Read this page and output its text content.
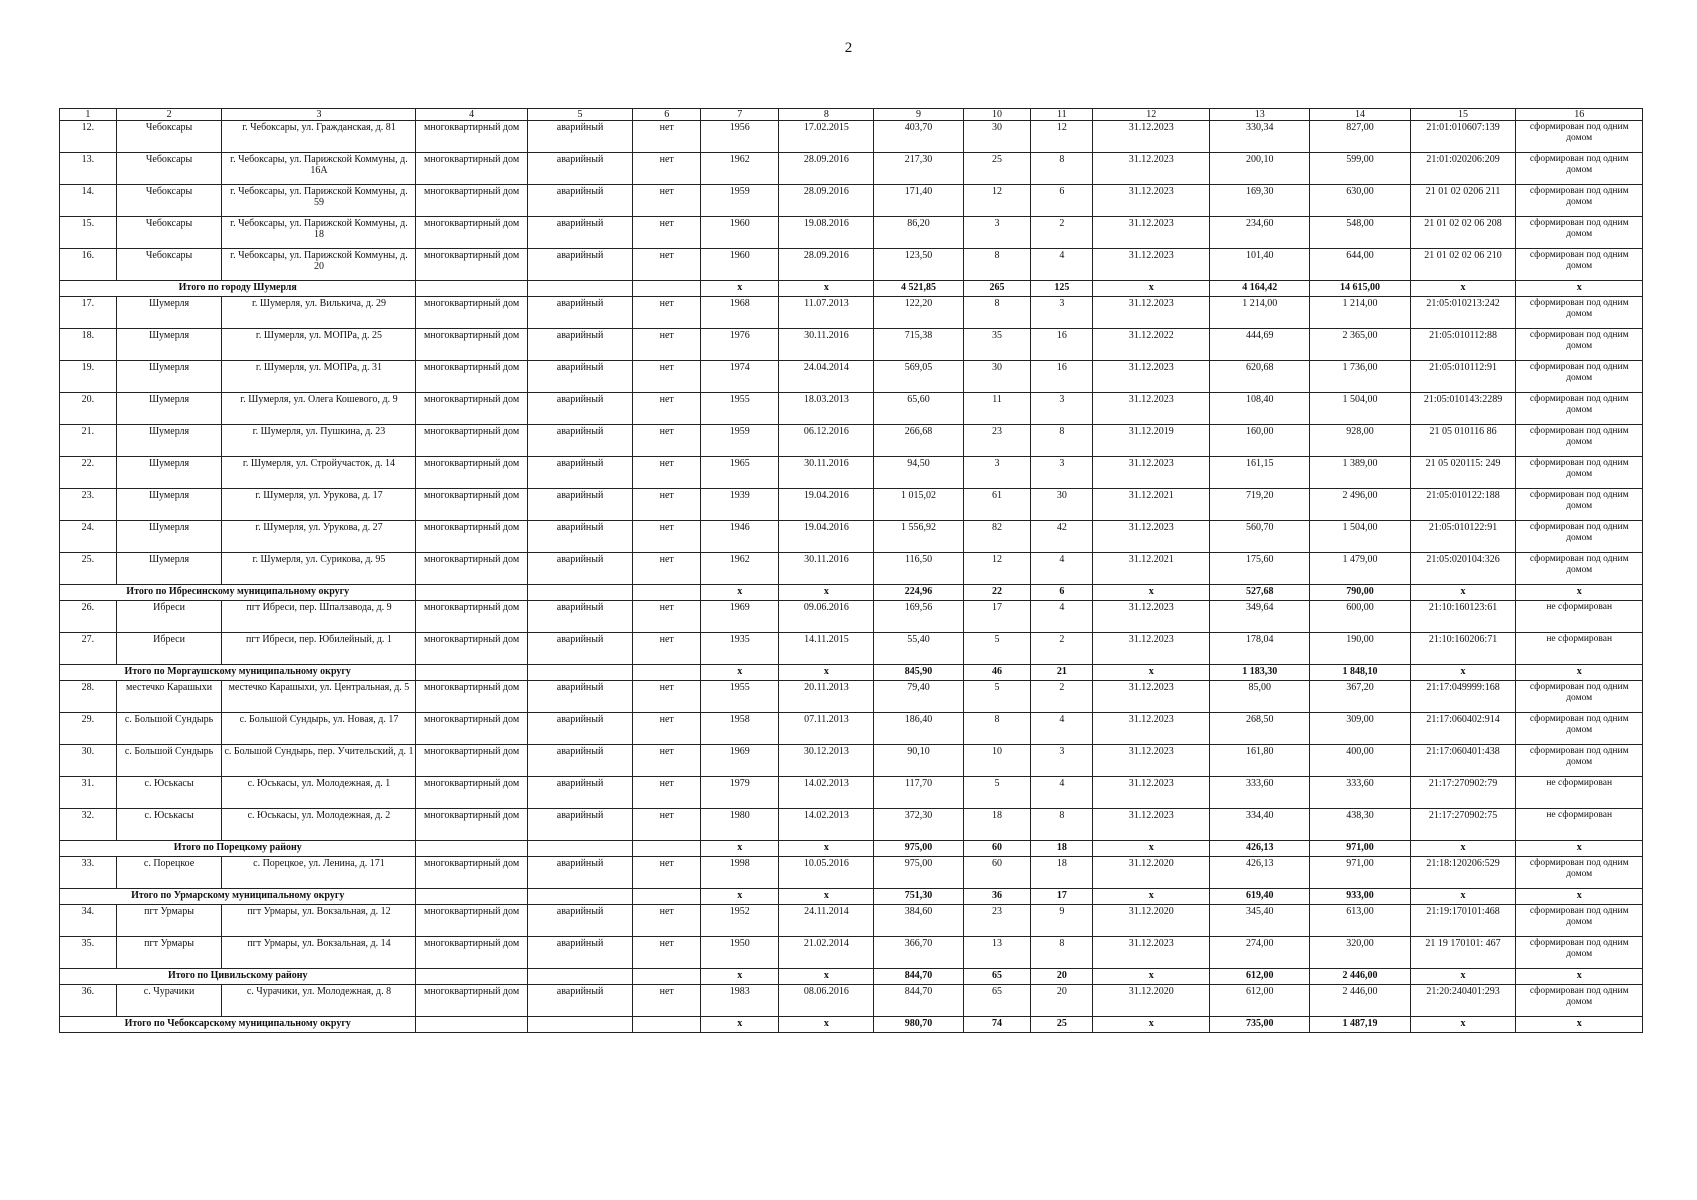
2
1	2	3	4	5	6	7	8	9	10	11	12	13	14	15	16
12.	Чебоксары	г. Чебоксары, ул. Гражданская, д. 81	многоквартирный дом	аварийный	нет	1956	17.02.2015	403,70	30	12	31.12.2023	330,34	827,00	21:01:010607:139	сформирован под одним домом
13.	Чебоксары	г. Чебоксары, ул. Парижской Коммуны, д. 16А	многоквартирный дом	аварийный	нет	1962	28.09.2016	217,30	25	8	31.12.2023	200,10	599,00	21:01:020206:209	сформирован под одним домом
14.	Чебоксары	г. Чебоксары, ул. Парижской Коммуны, д. 59	многоквартирный дом	аварийный	нет	1959	28.09.2016	171,40	12	6	31.12.2023	169,30	630,00	21 01 02 0206 211	сформирован под одним домом
15.	Чебоксары	г. Чебоксары, ул. Парижской Коммуны, д. 18	многоквартирный дом	аварийный	нет	1960	19.08.2016	86,20	3	2	31.12.2023	234,60	548,00	21 01 02 02 06 208	сформирован под одним домом
16.	Чебоксары	г. Чебоксары, ул. Парижской Коммуны, д. 20	многоквартирный дом	аварийный	нет	1960	28.09.2016	123,50	8	4	31.12.2023	101,40	644,00	21 01 02 02 06 210	сформирован под одним домом
Итого по городу Шумерля						x	x	4 521,85	265	125	x	4 164,42	14 615,00	x	x
17.	Шумерля	г. Шумерля, ул. Вилькича, д. 29	многоквартирный дом	аварийный	нет	1968	11.07.2013	122,20	8	3	31.12.2023	1 214,00	1 214,00	21:05:010213:242	сформирован под одним домом
18.	Шумерля	г. Шумерля, ул. МОПРа, д. 25	многоквартирный дом	аварийный	нет	1976	30.11.2016	715,38	35	16	31.12.2022	444,69	2 365,00	21:05:010112:88	сформирован под одним домом
19.	Шумерля	г. Шумерля, ул. МОПРа, д. 31	многоквартирный дом	аварийный	нет	1974	24.04.2014	569,05	30	16	31.12.2023	620,68	1 736,00	21:05:010112:91	сформирован под одним домом
20.	Шумерля	г. Шумерля, ул. Олега Кошевого, д. 9	многоквартирный дом	аварийный	нет	1955	18.03.2013	65,60	11	3	31.12.2023	108,40	1 504,00	21:05:010143:2289	сформирован под одним домом
21.	Шумерля	г. Шумерля, ул. Пушкина, д. 23	многоквартирный дом	аварийный	нет	1959	06.12.2016	266,68	23	8	31.12.2019	160,00	928,00	21 05 010116 86	сформирован под одним домом
22.	Шумерля	г. Шумерля, ул. Стройучасток, д. 14	многоквартирный дом	аварийный	нет	1965	30.11.2016	94,50	3	3	31.12.2023	161,15	1 389,00	21 05 020115: 249	сформирован под одним домом
23.	Шумерля	г. Шумерля, ул. Урукова, д. 17	многоквартирный дом	аварийный	нет	1939	19.04.2016	1 015,02	61	30	31.12.2021	719,20	2 496,00	21:05:010122:188	сформирован под одним домом
24.	Шумерля	г. Шумерля, ул. Урукова, д. 27	многоквартирный дом	аварийный	нет	1946	19.04.2016	1 556,92	82	42	31.12.2023	560,70	1 504,00	21:05:010122:91	сформирован под одним домом
25.	Шумерля	г. Шумерля, ул. Сурикова, д. 95	многоквартирный дом	аварийный	нет	1962	30.11.2016	116,50	12	4	31.12.2021	175,60	1 479,00	21:05:020104:326	сформирован под одним домом
Итого по Ибресинскому муниципальному округу						x	x	224,96	22	6	x	527,68	790,00	x	x
26.	Ибреси	пгт Ибреси, пер. Шпалзавода, д. 9	многоквартирный дом	аварийный	нет	1969	09.06.2016	169,56	17	4	31.12.2023	349,64	600,00	21:10:160123:61	не сформирован
27.	Ибреси	пгт Ибреси, пер. Юбилейный, д. 1	многоквартирный дом	аварийный	нет	1935	14.11.2015	55,40	5	2	31.12.2023	178,04	190,00	21:10:160206:71	не сформирован
Итого по Моргаушскому муниципальному округу						x	x	845,90	46	21	x	1 183,30	1 848,10	x	x
28.	местечко Карашыхи	местечко Карашыхи, ул. Центральная, д. 5	многоквартирный дом	аварийный	нет	1955	20.11.2013	79,40	5	2	31.12.2023	85,00	367,20	21:17:049999:168	сформирован под одним домом
29.	с. Большой Сундырь	с. Большой Сундырь, ул. Новая, д. 17	многоквартирный дом	аварийный	нет	1958	07.11.2013	186,40	8	4	31.12.2023	268,50	309,00	21:17:060402:914	сформирован под одним домом
30.	с. Большой Сундырь	с. Большой Сундырь, пер. Учительский, д. 1	многоквартирный дом	аварийный	нет	1969	30.12.2013	90,10	10	3	31.12.2023	161,80	400,00	21:17:060401:438	сформирован под одним домом
31.	с. Юськасы	с. Юськасы, ул. Молодежная, д. 1	многоквартирный дом	аварийный	нет	1979	14.02.2013	117,70	5	4	31.12.2023	333,60	333,60	21:17:270902:79	не сформирован
32.	с. Юськасы	с. Юськасы, ул. Молодежная, д. 2	многоквартирный дом	аварийный	нет	1980	14.02.2013	372,30	18	8	31.12.2023	334,40	438,30	21:17:270902:75	не сформирован
Итого по Порецкому району						x	x	975,00	60	18	x	426,13	971,00	x	x
33.	с. Порецкое	с. Порецкое, ул. Ленина, д. 171	многоквартирный дом	аварийный	нет	1998	10.05.2016	975,00	60	18	31.12.2020	426,13	971,00	21:18:120206:529	сформирован под одним домом
Итого по Урмарскому муниципальному округу						x	x	751,30	36	17	x	619,40	933,00	x	x
34.	пгт Урмары	пгт Урмары, ул. Вокзальная, д. 12	многоквартирный дом	аварийный	нет	1952	24.11.2014	384,60	23	9	31.12.2020	345,40	613,00	21:19:170101:468	сформирован под одним домом
35.	пгт Урмары	пгт Урмары, ул. Вокзальная, д. 14	многоквартирный дом	аварийный	нет	1950	21.02.2014	366,70	13	8	31.12.2023	274,00	320,00	21 19 170101: 467	сформирован под одним домом
Итого по Цивильскому району						x	x	844,70	65	20	x	612,00	2 446,00	x	x
36.	с. Чурачики	с. Чурачики, ул. Молодежная, д. 8	многоквартирный дом	аварийный	нет	1983	08.06.2016	844,70	65	20	31.12.2020	612,00	2 446,00	21:20:240401:293	сформирован под одним домом
Итого по Чебоксарскому муниципальному округу						x	x	980,70	74	25	x	735,00	1 487,19	x	x
